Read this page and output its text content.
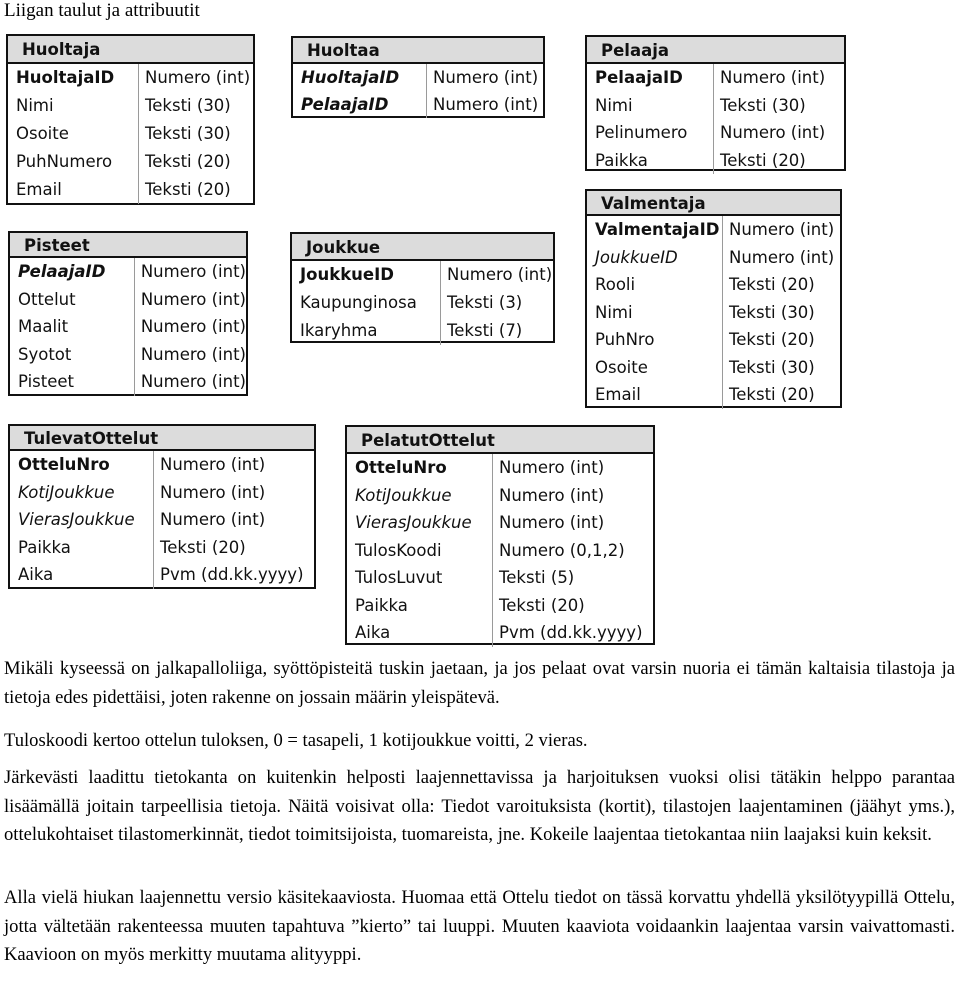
Liigan taulut ja attribuutit
Huoltaja
HuoltajaID	Numero (int)
Nimi	Teksti (30)
Osoite	Teksti (30)
PuhNumero	Teksti (20)
Email	Teksti (20)
Huoltaa
HuoltajaID	Numero (int)
PelaajaID	Numero (int)
Pelaaja
PelaajaID	Numero (int)
Nimi	Teksti (30)
Pelinumero	Numero (int)
Paikka	Teksti (20)
Valmentaja
ValmentajaID Numero (int)
JoukkueID	Numero (int)
Rooli	Teksti (20)
Nimi	Teksti (30)
PuhNro	Teksti (20)
Osoite	Teksti (30)
Email	Teksti (20)
Pisteet
PelaajaID	Numero (int)
Ottelut	Numero (int)
Maalit	Numero (int)
Syotot	Numero (int)
Pisteet	Numero (int)
Joukkue
JoukkueID	Numero (int)
Kaupunginosa	Teksti (3)
Ikaryhma	Teksti (7)
TulevatOttelut
OtteluNro	Numero (int)
KotiJoukkue	Numero (int)
VierasJoukkue	Numero (int)
Paikka	Teksti (20)
Aika	Pvm (dd.kk.yyyy)
PelatutOttelut
OtteluNro	Numero (int)
KotiJoukkue	Numero (int)
VierasJoukkue	Numero (int)
TulosKoodi	Numero (0,1,2)
TulosLuvut	Teksti (5)
Paikka	Teksti (20)
Aika	Pvm (dd.kk.yyyy)

Mikäli kyseessä on jalkapalloliiga, syöttöpisteitä tuskin jaetaan, ja jos pelaat ovat varsin nuoria ei tämän kaltaisia tilastoja ja tietoja edes pidettäisi, joten rakenne on jossain määrin yleispätevä.

Tuloskoodi kertoo ottelun tuloksen, 0 = tasapeli, 1 kotijoukkue voitti, 2 vieras.

Järkevästi laadittu tietokanta on kuitenkin helposti laajennettavissa ja harjoituksen vuoksi olisi tätäkin helppo parantaa lisäämällä joitain tarpeellisia tietoja. Näitä voisivat olla: Tiedot varoituksista (kortit), tilastojen laajentaminen (jäähyt yms.), ottelukohtaiset tilastomerkinnät, tiedot toimitsijoista, tuomareista, jne. Kokeile laajentaa tietokantaa niin laajaksi kuin keksit.

Alla vielä hiukan laajennettu versio käsitekaaviosta. Huomaa että Ottelu tiedot on tässä korvattu yhdellä yksilötyypillä Ottelu, jotta vältetään rakenteessa muuten tapahtuva ”kierto” tai luuppi. Muuten kaaviota voidaankin laajentaa varsin vaivattomasti. Kaavioon on myös merkitty muutama alityyppi.
